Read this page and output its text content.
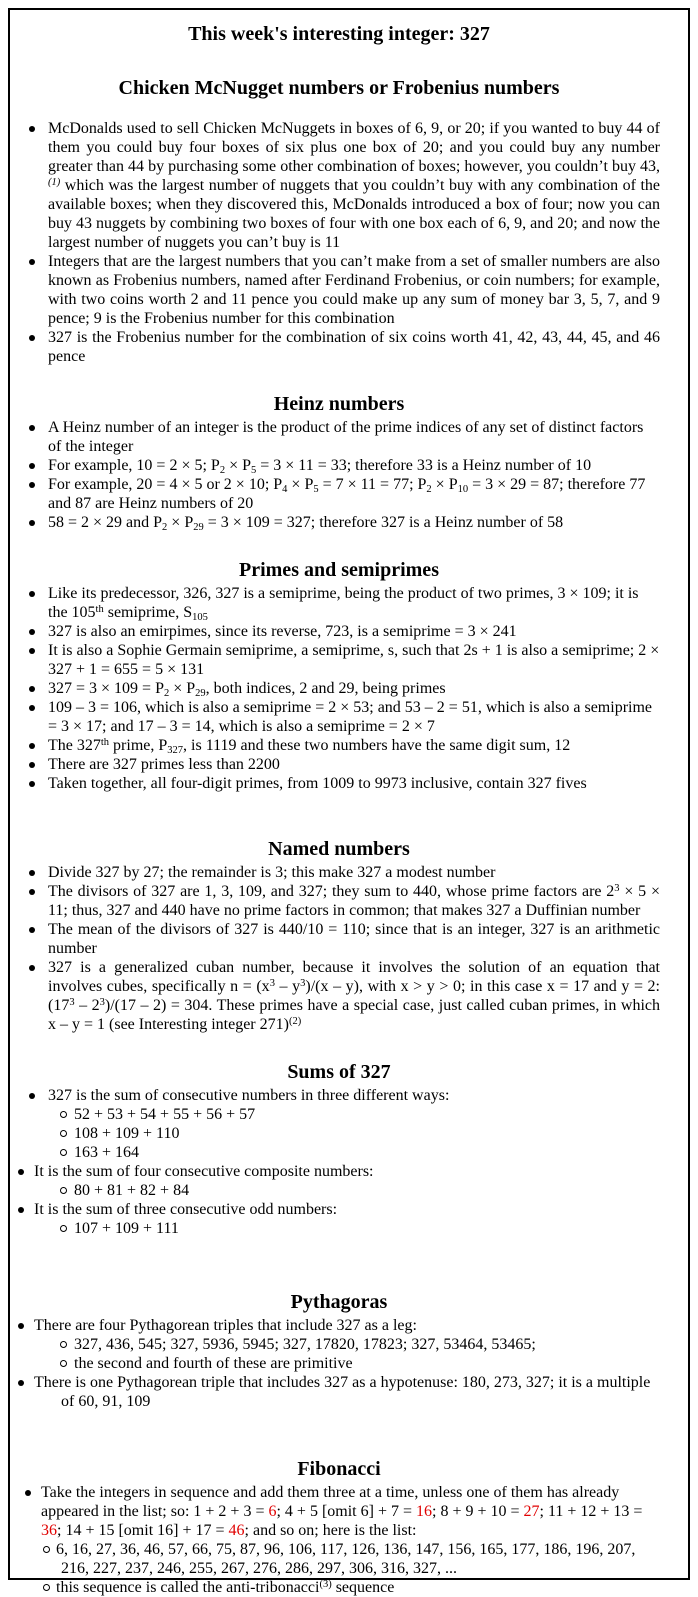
This week's interesting integer: 327
Chicken McNugget numbers or Frobenius numbers
McDonalds used to sell Chicken McNuggets in boxes of 6, 9, or 20; if you wanted to buy 44 of them you could buy four boxes of six plus one box of 20; and you could buy any number greater than 44 by purchasing some other combination of boxes; however, you couldn’t buy 43,$^{(1)}$ which was the largest number of nuggets that you couldn’t buy with any combination of the available boxes; when they discovered this, McDonalds introduced a box of four; now you can buy 43 nuggets by combining two boxes of four with one box each of 6, 9, and 20; and now the largest number of nuggets you can’t buy is 11
Integers that are the largest numbers that you can’t make from a set of smaller numbers are also known as Frobenius numbers, named after Ferdinand Frobenius, or coin numbers; for example, with two coins worth 2 and 11 pence you could make up any sum of money bar 3, 5, 7, and 9 pence; 9 is the Frobenius number for this combination
327 is the Frobenius number for the combination of six coins worth 41, 42, 43, 44, 45, and 46 pence
Heinz numbers
A Heinz number of an integer is the product of the prime indices of any set of distinct factors of the integer
For example, 10 = 2 × 5; $P_2 \times P_5 = 3 \times 11 = 33$; therefore 33 is a Heinz number of 10
For example, 20 = 4 × 5 or 2 × 10; $P_4 \times P_5 = 7 \times 11 = 77$; $P_2 \times P_{10} = 3 \times 29 = 87$; therefore 77 and 87 are Heinz numbers of 20
58 = 2 × 29 and $P_2 \times P_{29} = 3 \times 109 = 327$; therefore 327 is a Heinz number of 58
Primes and semiprimes
Like its predecessor, 326, 327 is a semiprime, being the product of two primes, 3 × 109; it is the 105th semiprime, $S_{105}$
327 is also an emirpimes, since its reverse, 723, is a semiprime = 3 × 241
It is also a Sophie Germain semiprime, a semiprime, s, such that 2s + 1 is also a semiprime; 2 × 327 + 1 = 655 = 5 × 131
$327 = 3 \times 109 = P_2 \times P_{29}$, both indices, 2 and 29, being primes
109 – 3 = 106, which is also a semiprime = 2 × 53; and 53 – 2 = 51, which is also a semiprime = 3 × 17; and 17 – 3 = 14, which is also a semiprime = 2 × 7
The 327th prime, $P_{327}$, is 1119 and these two numbers have the same digit sum, 12
There are 327 primes less than 2200
Taken together, all four-digit primes, from 1009 to 9973 inclusive, contain 327 fives
Named numbers
Divide 327 by 27; the remainder is 3; this make 327 a modest number
The divisors of 327 are 1, 3, 109, and 327; they sum to 440, whose prime factors are $2^3 \times 5 \times 11$; thus, 327 and 440 have no prime factors in common; that makes 327 a Duffinian number
The mean of the divisors of 327 is 440/10 = 110; since that is an integer, 327 is an arithmetic number
327 is a generalized cuban number, because it involves the solution of an equation that involves cubes, specifically $n = (x^3 - y^3)/(x - y)$, with x > y > 0; in this case x = 17 and y = 2: $(17^3 - 2^3)/(17 - 2) = 304$. These primes have a special case, just called cuban primes, in which x – y = 1 (see Interesting integer 271)$^{(2)}$
Sums of 327
327 is the sum of consecutive numbers in three different ways:
52 + 53 + 54 + 55 + 56 + 57
108 + 109 + 110
163 + 164
It is the sum of four consecutive composite numbers:
80 + 81 + 82 + 84
It is the sum of three consecutive odd numbers:
107 + 109 + 111
Pythagoras
There are four Pythagorean triples that include 327 as a leg:
327, 436, 545; 327, 5936, 5945; 327, 17820, 17823; 327, 53464, 53465;
the second and fourth of these are primitive
There is one Pythagorean triple that includes 327 as a hypotenuse: 180, 273, 327; it is a multiple of 60, 91, 109
Fibonacci
Take the integers in sequence and add them three at a time, unless one of them has already appeared in the list; so: 1 + 2 + 3 = 6; 4 + 5 [omit 6] + 7 = 16; 8 + 9 + 10 = 27; 11 + 12 + 13 = 36; 14 + 15 [omit 16] + 17 = 46; and so on; here is the list:
6, 16, 27, 36, 46, 57, 66, 75, 87, 96, 106, 117, 126, 136, 147, 156, 165, 177, 186, 196, 207, 216, 227, 237, 246, 255, 267, 276, 286, 297, 306, 316, 327, ...
this sequence is called the anti-tribonacci$^{(3)}$ sequence
